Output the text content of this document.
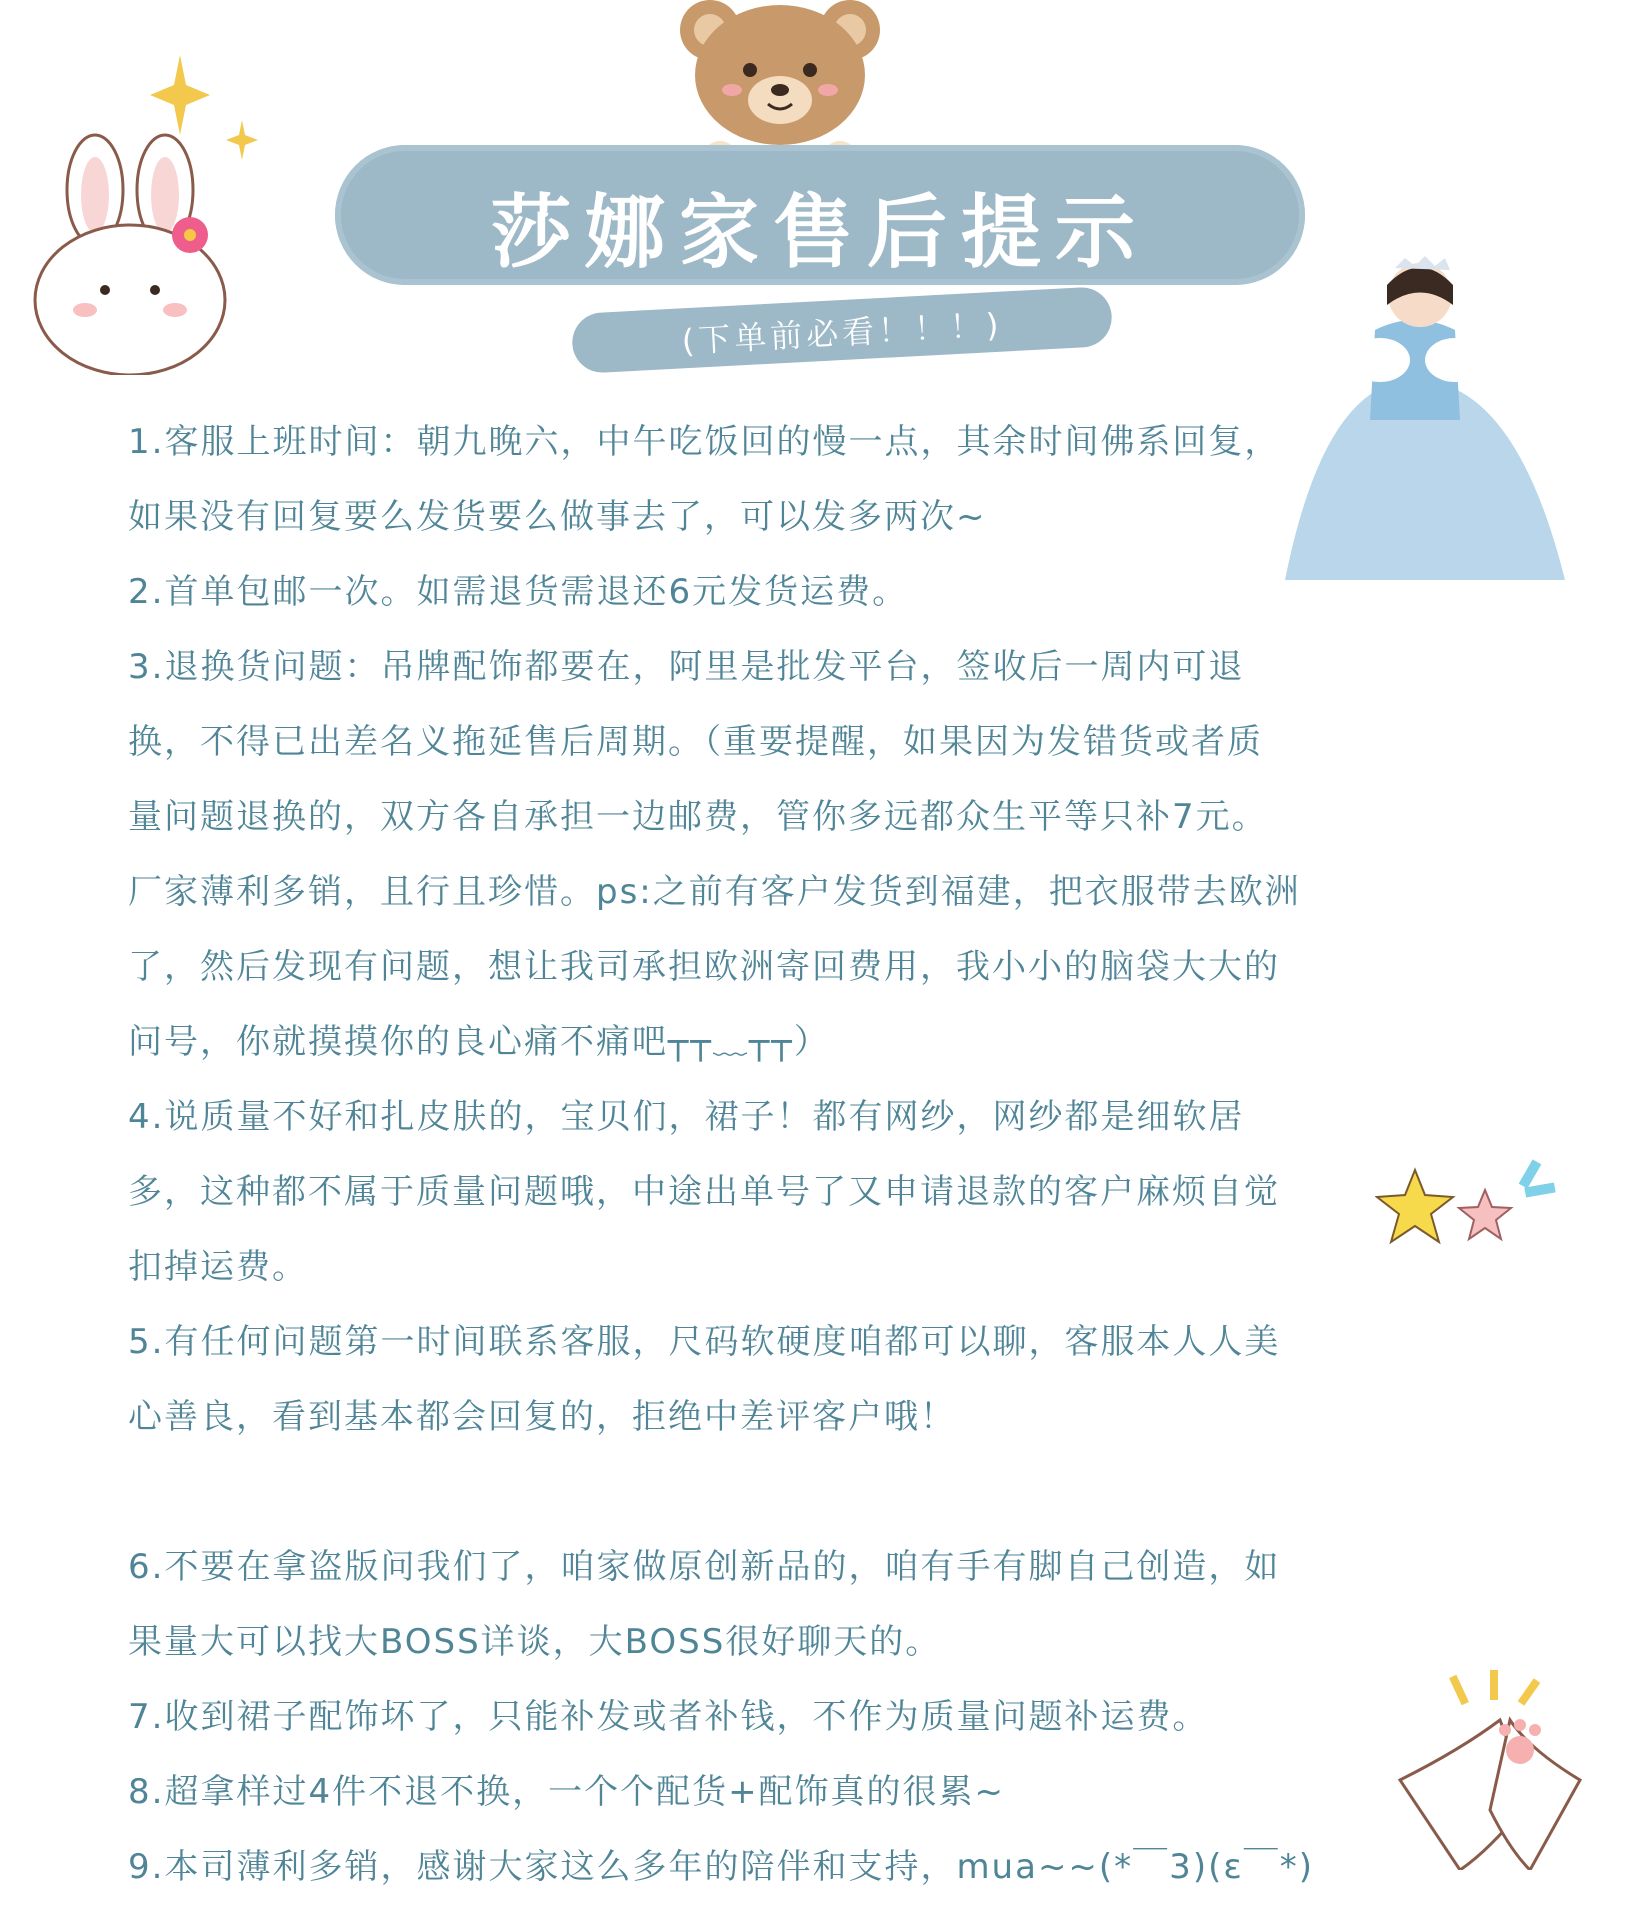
莎娜家售后提示
(下单前必看！！！)
1.客服上班时间：朝九晚六，中午吃饭回的慢一点，其余时间佛系回复，
如果没有回复要么发货要么做事去了，可以发多两次~
2.首单包邮一次。如需退货需退还6元发货运费。
3.退换货问题：吊牌配饰都要在，阿里是批发平台，签收后一周内可退
换，不得已出差名义拖延售后周期。（重要提醒，如果因为发错货或者质
量问题退换的，双方各自承担一边邮费，管你多远都众生平等只补7元。
厂家薄利多销，且行且珍惜。ps:之前有客户发货到福建，把衣服带去欧洲
了，然后发现有问题，想让我司承担欧洲寄回费用，我小小的脑袋大大的
问号，你就摸摸你的良心痛不痛吧┬┬﹏┬┬）
4.说质量不好和扎皮肤的，宝贝们，裙子！都有网纱，网纱都是细软居
多，这种都不属于质量问题哦，中途出单号了又申请退款的客户麻烦自觉
扣掉运费。
5.有任何问题第一时间联系客服，尺码软硬度咱都可以聊，客服本人人美
心善良，看到基本都会回复的，拒绝中差评客户哦！
6.不要在拿盗版问我们了，咱家做原创新品的，咱有手有脚自己创造，如
果量大可以找大BOSS详谈，大BOSS很好聊天的。
7.收到裙子配饰坏了，只能补发或者补钱，不作为质量问题补运费。
8.超拿样过4件不退不换，一个个配货+配饰真的很累~
9.本司薄利多销，感谢大家这么多年的陪伴和支持，mua~~(*￣3)(ε￣*)
